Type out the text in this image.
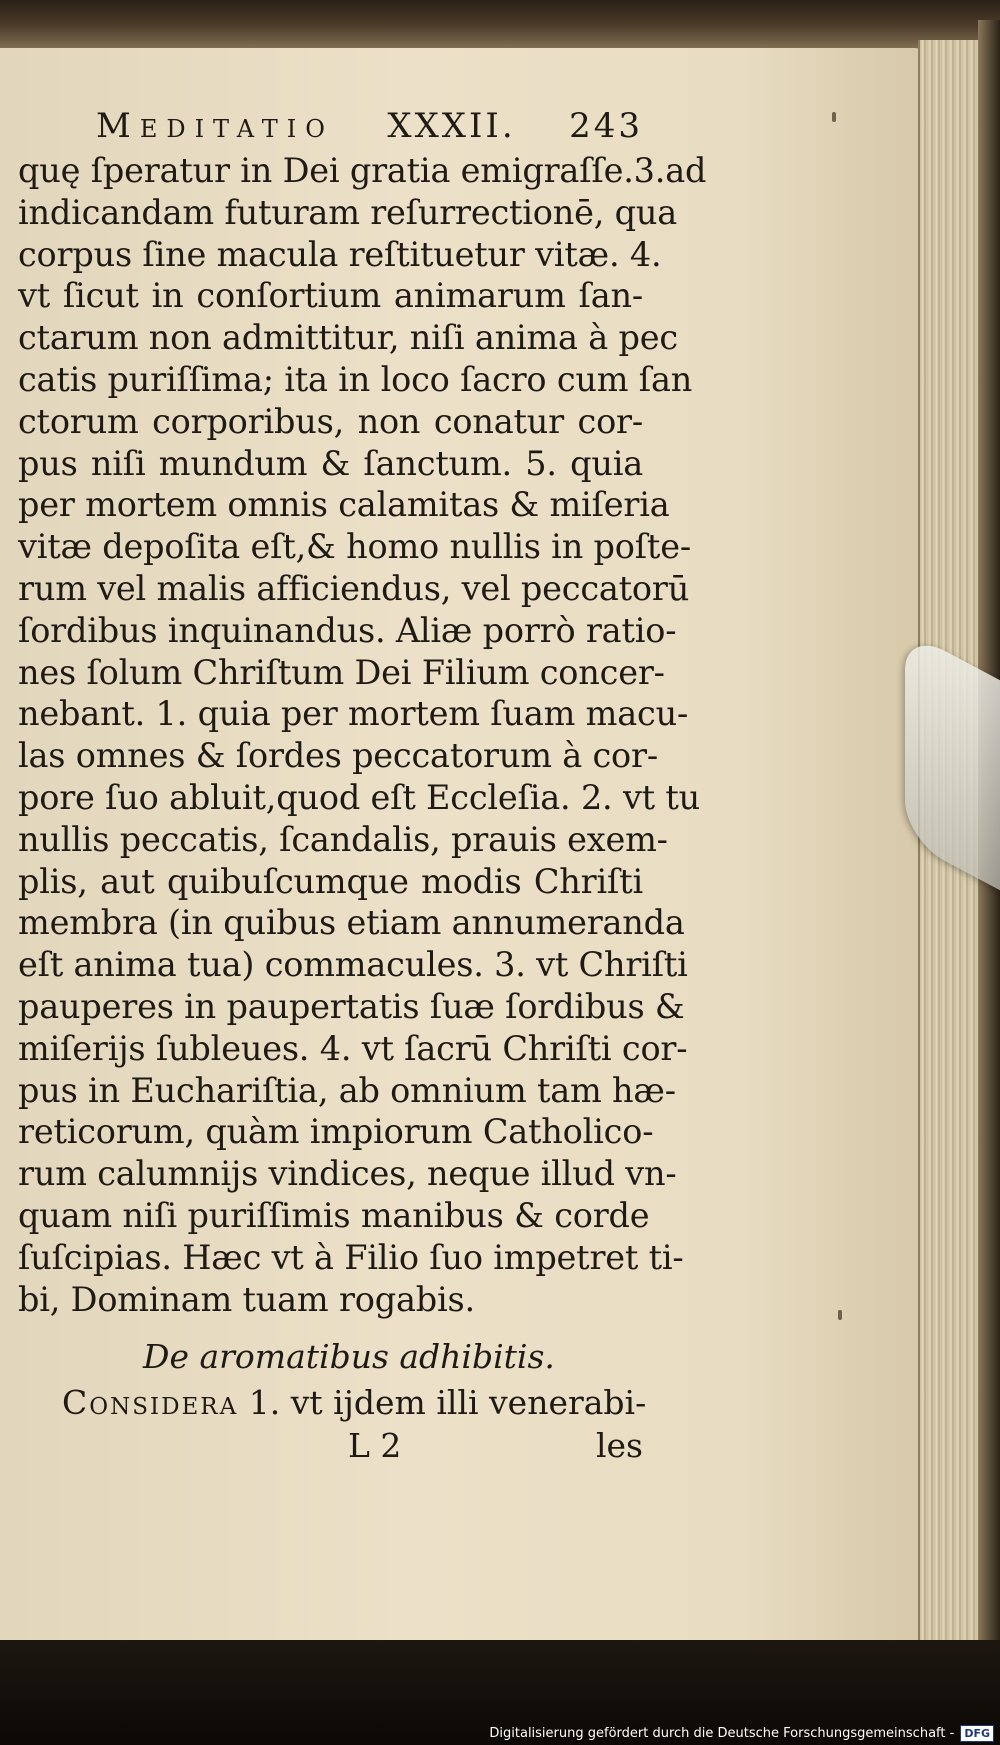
Meditatio XXXII. 243
quę ſperatur in Dei gratia emigraſſe.3.ad
indicandam futuram reſurrectionē, qua
corpus ſine macula reſtituetur vitæ. 4.
vt ſicut in conſortium animarum ſan-
ctarum non admittitur, niſi anima à pec
catis puriſſima; ita in loco ſacro cum ſan
ctorum corporibus, non conatur cor-
pus niſi mundum & ſanctum. 5. quia
per mortem omnis calamitas & miſeria
vitæ depoſita eſt,& homo nullis in poſte-
rum vel malis afficiendus, vel peccatorū
ſordibus inquinandus. Aliæ porrò ratio-
nes ſolum Chriſtum Dei Filium concer-
nebant. 1. quia per mortem ſuam macu-
las omnes & ſordes peccatorum à cor-
pore ſuo abluit,quod eſt Eccleſia. 2. vt tu
nullis peccatis, ſcandalis, prauis exem-
plis, aut quibuſcumque modis Chriſti
membra (in quibus etiam annumeranda
eſt anima tua) commacules. 3. vt Chriſti
pauperes in paupertatis ſuæ ſordibus &
miſerijs ſubleues. 4. vt ſacrū Chriſti cor-
pus in Euchariſtia, ab omnium tam hæ-
reticorum, quàm impiorum Catholico-
rum calumnijs vindices, neque illud vn-
quam niſi puriſſimis manibus & corde
ſuſcipias. Hæc vt à Filio ſuo impetret ti-
bi, Dominam tuam rogabis.
De aromatibus adhibitis.
Considera 1. vt ijdem illi venerabi-
L 2	les
Digitalisierung gefördert durch die Deutsche Forschungsgemeinschaft - DFG
